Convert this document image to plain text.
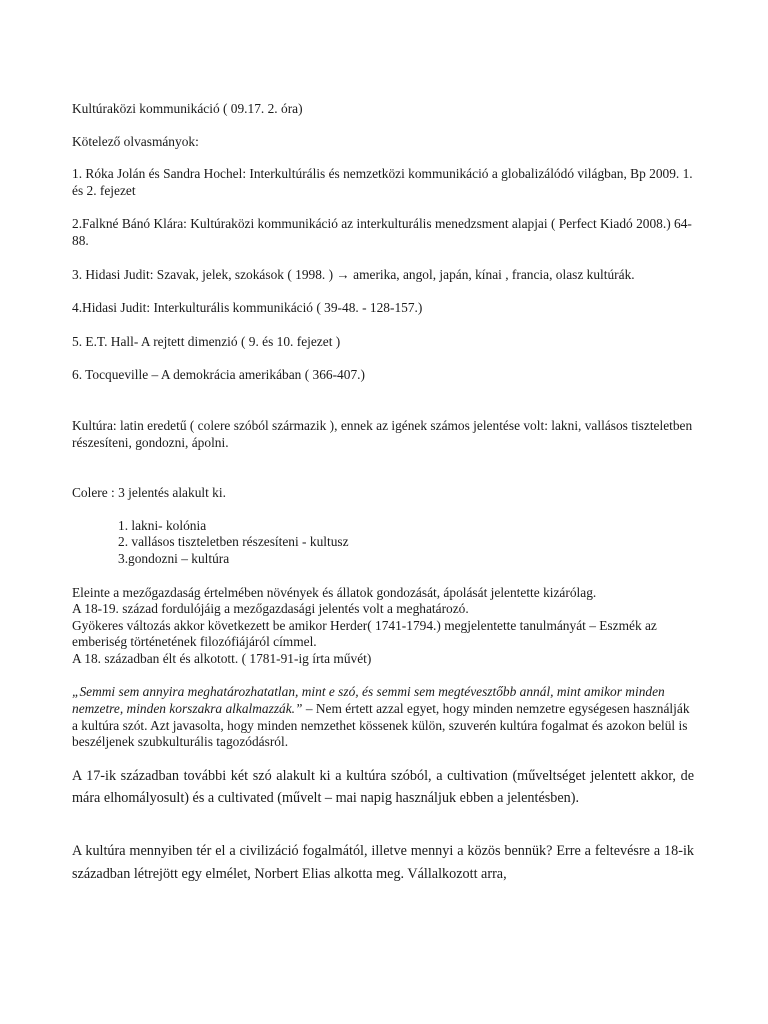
Kultúraközi kommunikáció ( 09.17. 2. óra)

Kötelező olvasmányok:

1. Róka Jolán és Sandra Hochel: Interkultúrális és nemzetközi kommunikáció a globalizálódó világban, Bp 2009. 1. és 2. fejezet

2.Falkné Bánó Klára: Kultúraközi kommunikáció az interkulturális menedzsment alapjai ( Perfect Kiadó 2008.) 64-88.

3. Hidasi Judit: Szavak, jelek, szokások ( 1998. ) → amerika, angol, japán, kínai , francia, olasz kultúrák.

4.Hidasi Judit: Interkulturális kommunikáció ( 39-48. - 128-157.)

5. E.T. Hall- A rejtett dimenzió ( 9. és 10. fejezet )

6. Tocqueville – A demokrácia amerikában ( 366-407.)

Kultúra: latin eredetű ( colere szóból származik ), ennek az igének számos jelentése volt: lakni, vallásos tiszteletben részesíteni, gondozni, ápolni.

Colere : 3 jelentés alakult ki.

1. lakni- kolónia
2. vallásos tiszteletben részesíteni - kultusz
3.gondozni – kultúra

Eleinte a mezőgazdaság értelmében növények és állatok gondozását, ápolását jelentette kizárólag.

A 18-19. század fordulójáig a mezőgazdasági jelentés volt a meghatározó.

Gyökeres változás akkor következett be amikor Herder( 1741-1794.) megjelentette tanulmányát – Eszmék az emberiség történetének filozófiájáról címmel.

A 18. században élt és alkotott. ( 1781-91-ig írta művét)

„Semmi sem annyira meghatározhatatlan, mint e szó, és semmi sem megtévesztőbb annál, mint amikor minden nemzetre, minden korszakra alkalmazzák.” – Nem értett azzal egyet, hogy minden nemzetre egységesen használják a kultúra szót. Azt javasolta, hogy minden nemzethet kössenek külön, szuverén kultúra fogalmat és azokon belül is beszéljenek szubkulturális tagozódásról.

A 17-ik században további két szó alakult ki a kultúra szóból, a cultivation (műveltséget jelentett akkor, de mára elhomályosult) és a cultivated (művelt – mai napig használjuk ebben a jelentésben).

A kultúra mennyiben tér el a civilizáció fogalmától, illetve mennyi a közös bennük? Erre a feltevésre a 18-ik században létrejött egy elmélet, Norbert Elias alkotta meg. Vállalkozott arra,
